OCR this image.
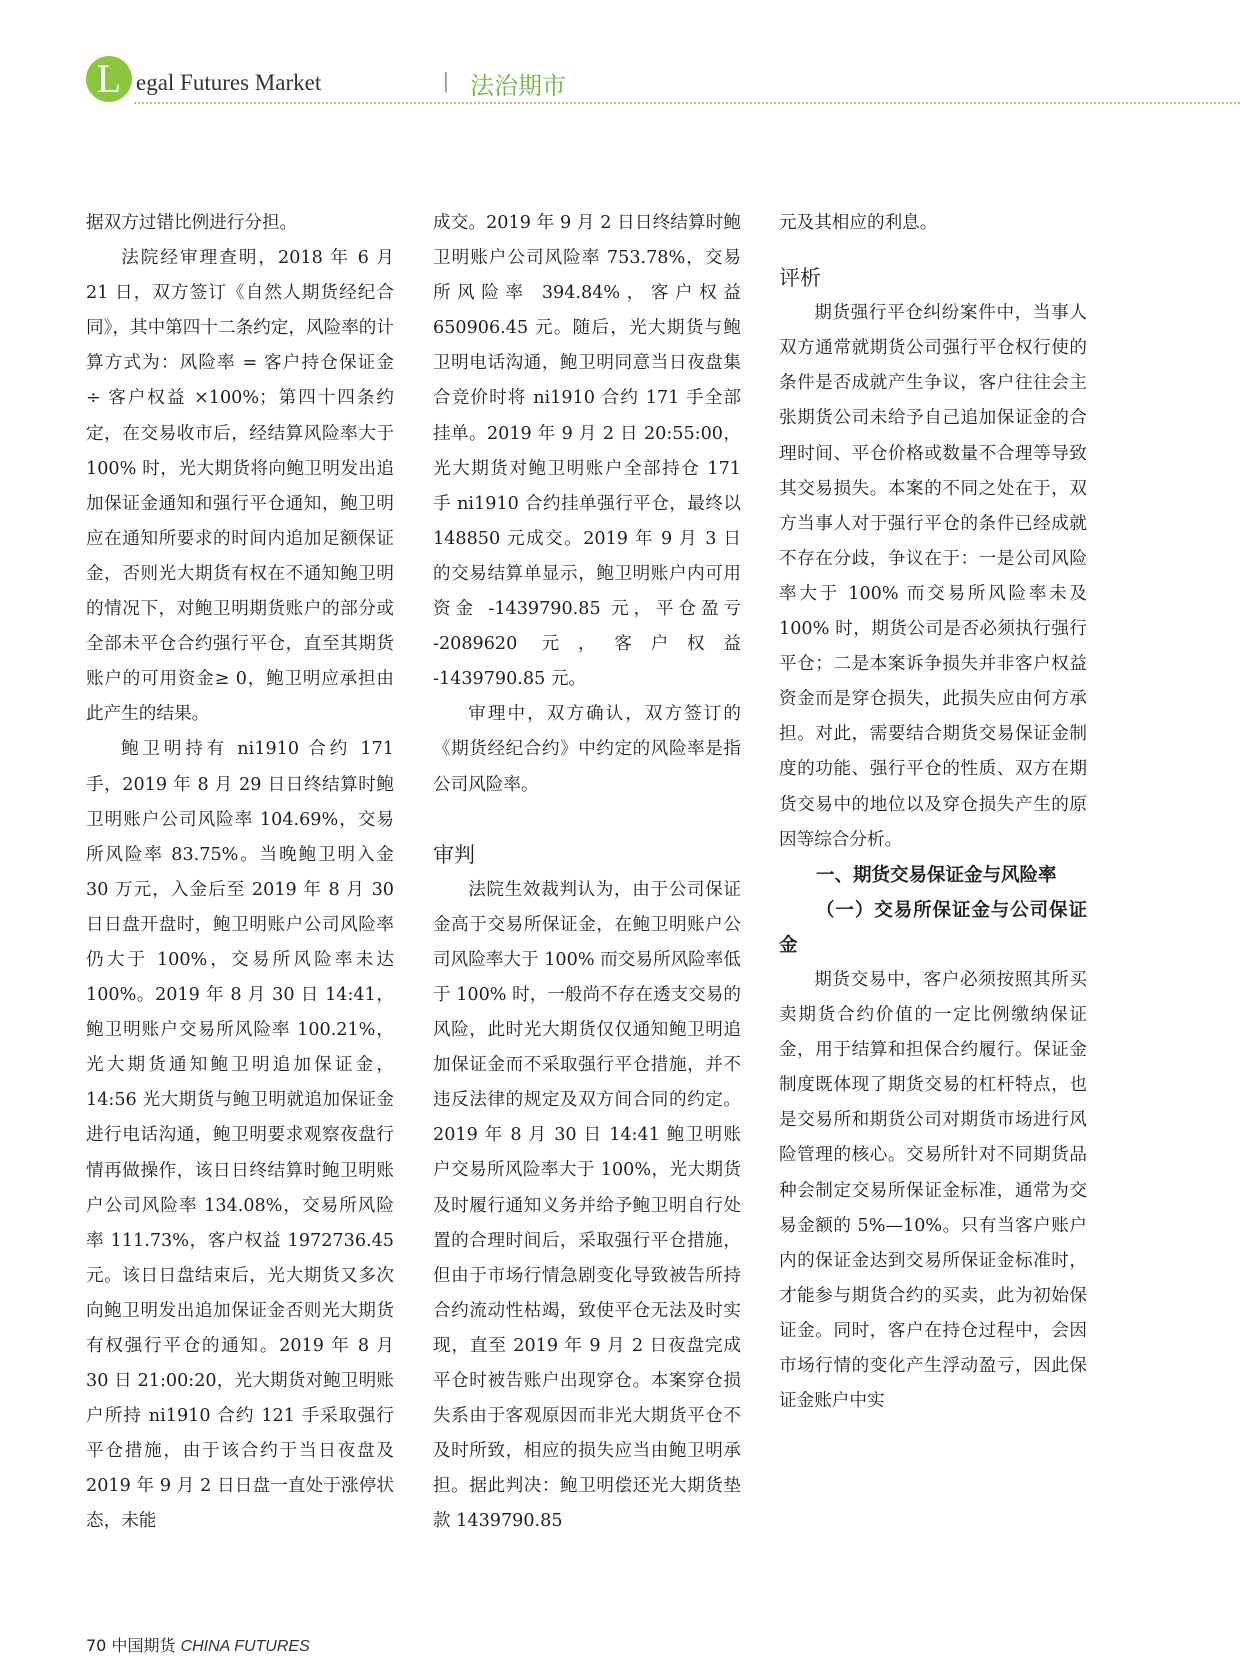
L egal Futures Market	| 法治期市

据双方过错比例进行分担。

法院经审理查明，2018 年 6 月 21 日，双方签订《自然人期货经纪合同》，其中第四十二条约定，风险率的计算方式为：风险率 = 客户持仓保证金 ÷ 客户权益 ×100%；第四十四条约定，在交易收市后，经结算风险率大于 100% 时，光大期货将向鲍卫明发出追加保证金通知和强行平仓通知，鲍卫明应在通知所要求的时间内追加足额保证金，否则光大期货有权在不通知鲍卫明的情况下，对鲍卫明期货账户的部分或全部未平仓合约强行平仓，直至其期货账户的可用资金≥ 0，鲍卫明应承担由此产生的结果。

鲍卫明持有 ni1910 合约 171 手，2019 年 8 月 29 日日终结算时鲍卫明账户公司风险率 104.69%，交易所风险率 83.75%。当晚鲍卫明入金 30 万元，入金后至 2019 年 8 月 30 日日盘开盘时，鲍卫明账户公司风险率仍大于 100%，交易所风险率未达 100%。2019 年 8 月 30 日 14:41，鲍卫明账户交易所风险率 100.21%，光大期货通知鲍卫明追加保证金，14:56 光大期货与鲍卫明就追加保证金进行电话沟通，鲍卫明要求观察夜盘行情再做操作，该日日终结算时鲍卫明账户公司风险率 134.08%，交易所风险率 111.73%，客户权益 1972736.45 元。该日日盘结束后，光大期货又多次向鲍卫明发出追加保证金否则光大期货有权强行平仓的通知。2019 年 8 月 30 日 21:00:20，光大期货对鲍卫明账户所持 ni1910 合约 121 手采取强行平仓措施，由于该合约于当日夜盘及 2019 年 9 月 2 日日盘一直处于涨停状态，未能

成交。2019 年 9 月 2 日日终结算时鲍卫明账户公司风险率 753.78%，交易所风险率 394.84%，客户权益 650906.45 元。随后，光大期货与鲍卫明电话沟通，鲍卫明同意当日夜盘集合竞价时将 ni1910 合约 171 手全部挂单。2019 年 9 月 2 日 20:55:00，光大期货对鲍卫明账户全部持仓 171 手 ni1910 合约挂单强行平仓，最终以 148850 元成交。2019 年 9 月 3 日的交易结算单显示，鲍卫明账户内可用资金 -1439790.85 元，平仓盈亏 -2089620 元，客户权益 -1439790.85 元。

审理中，双方确认，双方签订的《期货经纪合约》中约定的风险率是指公司风险率。

审判

法院生效裁判认为，由于公司保证金高于交易所保证金，在鲍卫明账户公司风险率大于 100% 而交易所风险率低于 100% 时，一般尚不存在透支交易的风险，此时光大期货仅仅通知鲍卫明追加保证金而不采取强行平仓措施，并不违反法律的规定及双方间合同的约定。2019 年 8 月 30 日 14:41 鲍卫明账户交易所风险率大于 100%，光大期货及时履行通知义务并给予鲍卫明自行处置的合理时间后，采取强行平仓措施，但由于市场行情急剧变化导致被告所持合约流动性枯竭，致使平仓无法及时实现，直至 2019 年 9 月 2 日夜盘完成平仓时被告账户出现穿仓。本案穿仓损失系由于客观原因而非光大期货平仓不及时所致，相应的损失应当由鲍卫明承担。据此判决：鲍卫明偿还光大期货垫款 1439790.85

元及其相应的利息。

评析

期货强行平仓纠纷案件中，当事人双方通常就期货公司强行平仓权行使的条件是否成就产生争议，客户往往会主张期货公司未给予自己追加保证金的合理时间、平仓价格或数量不合理等导致其交易损失。本案的不同之处在于，双方当事人对于强行平仓的条件已经成就不存在分歧，争议在于：一是公司风险率大于 100% 而交易所风险率未及 100% 时，期货公司是否必须执行强行平仓；二是本案诉争损失并非客户权益资金而是穿仓损失，此损失应由何方承担。对此，需要结合期货交易保证金制度的功能、强行平仓的性质、双方在期货交易中的地位以及穿仓损失产生的原因等综合分析。

一、期货交易保证金与风险率
（一）交易所保证金与公司保证金

期货交易中，客户必须按照其所买卖期货合约价值的一定比例缴纳保证金，用于结算和担保合约履行。保证金制度既体现了期货交易的杠杆特点，也是交易所和期货公司对期货市场进行风险管理的核心。交易所针对不同期货品种会制定交易所保证金标准，通常为交易金额的 5%—10%。只有当客户账户内的保证金达到交易所保证金标准时，才能参与期货合约的买卖，此为初始保证金。同时，客户在持仓过程中，会因市场行情的变化产生浮动盈亏，因此保证金账户中实

70 中国期货 CHINA FUTURES
